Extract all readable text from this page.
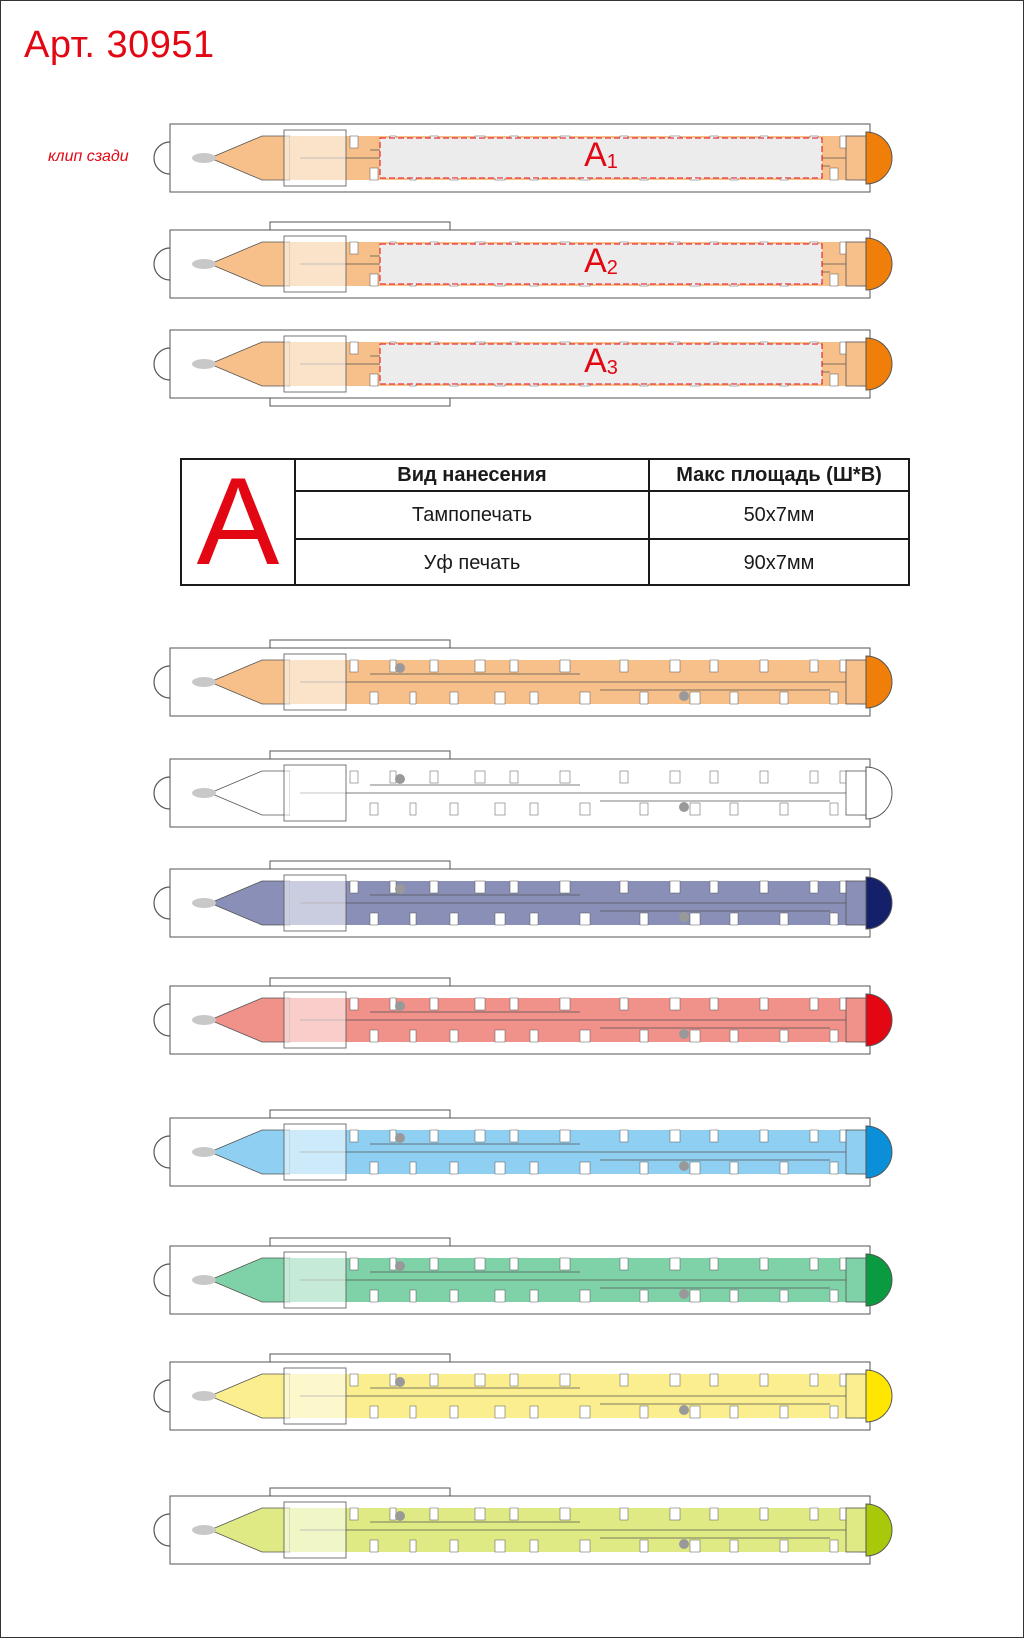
Арт. 30951
клип сзади	$A_1$
$A_2$
$A_3$
A	Вид нанесения	Макс площадь (Ш*В)
Тампопечать	50x7мм
Уф печать	90x7мм
